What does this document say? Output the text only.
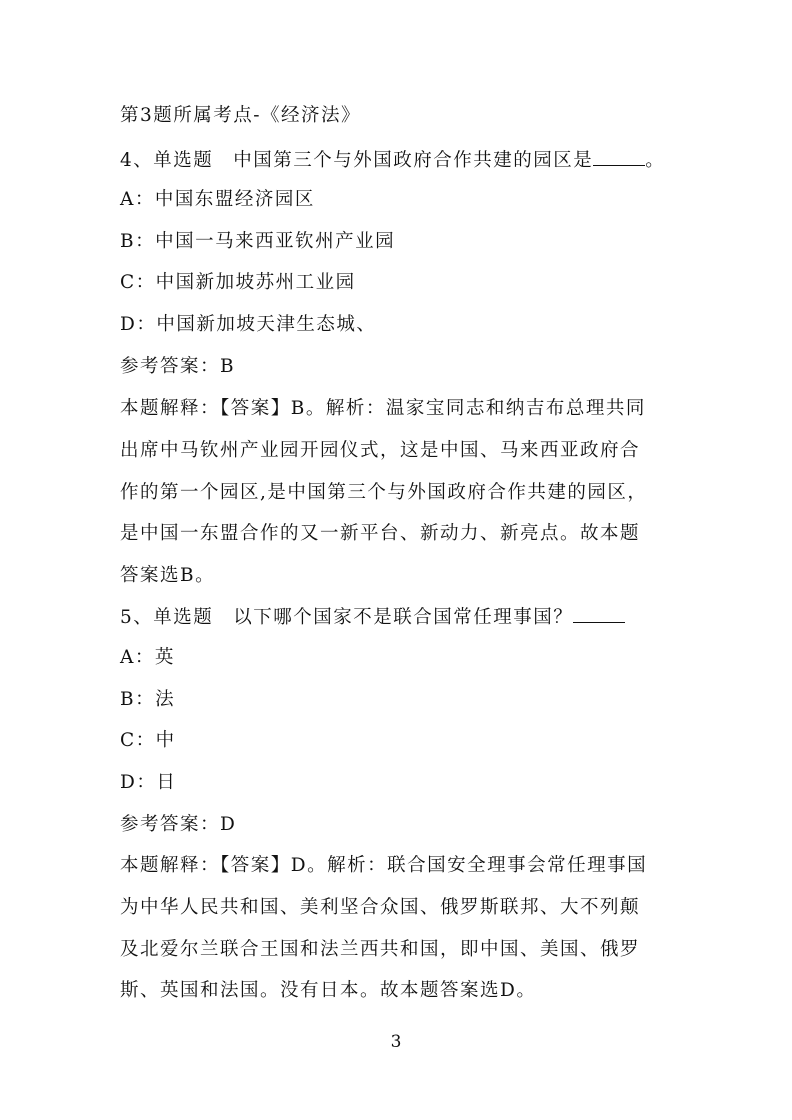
第3题所属考点-《经济法》
4、单选题　中国第三个与外国政府合作共建的园区是	。
A：中国东盟经济园区
B：中国一马来西亚钦州产业园
C：中国新加坡苏州工业园
D：中国新加坡天津生态城、
参考答案：B
本题解释：【答案】B。解析：温家宝同志和纳吉布总理共同
出席中马钦州产业园开园仪式，这是中国、马来西亚政府合
作的第一个园区,是中国第三个与外国政府合作共建的园区，
是中国一东盟合作的又一新平台、新动力、新亮点。故本题
答案选B。
5、单选题　以下哪个国家不是联合国常任理事国？
A：英
B：法
C：中
D：日
参考答案：D
本题解释：【答案】D。解析：联合国安全理事会常任理事国
为中华人民共和国、美利坚合众国、俄罗斯联邦、大不列颠
及北爱尔兰联合王国和法兰西共和国，即中国、美国、俄罗
斯、英国和法国。没有日本。故本题答案选D。
3
